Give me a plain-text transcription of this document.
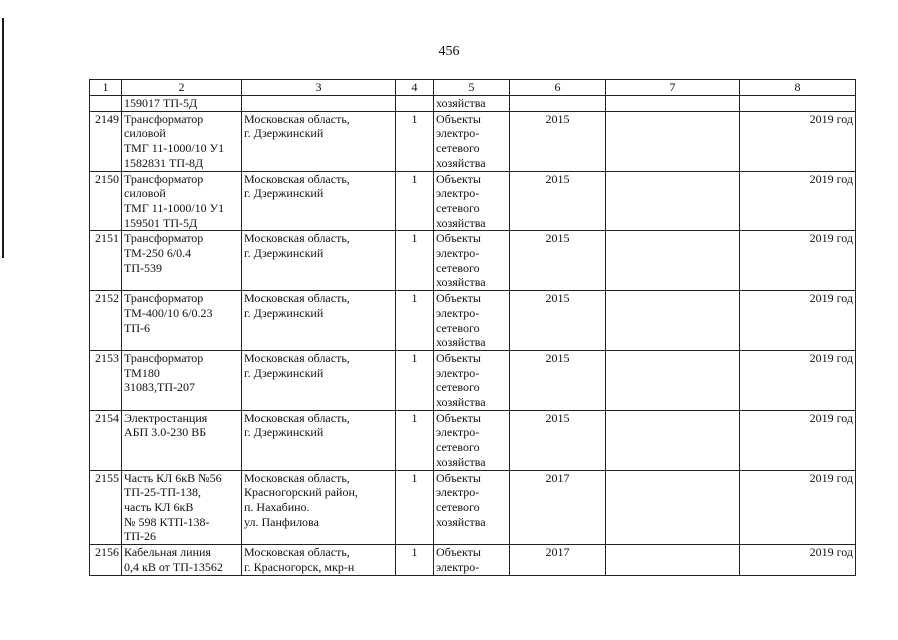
456
1	2	3	4	5	6	7	8
	159017 ТП-5Д			хозяйства			
2149	Трансформатор
силовой
ТМГ 11-1000/10 У1
1582831 ТП-8Д	Московская область,
г. Дзержинский	1	Объекты
электро-
сетевого
хозяйства	2015		2019 год
2150	Трансформатор
силовой
ТМГ 11-1000/10 У1
159501 ТП-5Д	Московская область,
г. Дзержинский	1	Объекты
электро-
сетевого
хозяйства	2015		2019 год
2151	Трансформатор
ТМ-250 6/0.4
ТП-539	Московская область,
г. Дзержинский	1	Объекты
электро-
сетевого
хозяйства	2015		2019 год
2152	Трансформатор
ТМ-400/10 6/0.23
ТП-6	Московская область,
г. Дзержинский	1	Объекты
электро-
сетевого
хозяйства	2015		2019 год
2153	Трансформатор
ТМ180
31083,ТП-207	Московская область,
г. Дзержинский	1	Объекты
электро-
сетевого
хозяйства	2015		2019 год
2154	Электростанция
АБП 3.0-230 ВБ	Московская область,
г. Дзержинский	1	Объекты
электро-
сетевого
хозяйства	2015		2019 год
2155	Часть КЛ 6кВ №56
ТП-25-ТП-138,
часть КЛ 6кВ
№ 598 КТП-138-
ТП-26	Московская область,
Красногорский район,
п. Нахабино.
ул. Панфилова	1	Объекты
электро-
сетевого
хозяйства	2017		2019 год
2156	Кабельная линия
0,4 кВ от ТП-13562	Московская область,
г. Красногорск, мкр-н	1	Объекты
электро-	2017		2019 год
